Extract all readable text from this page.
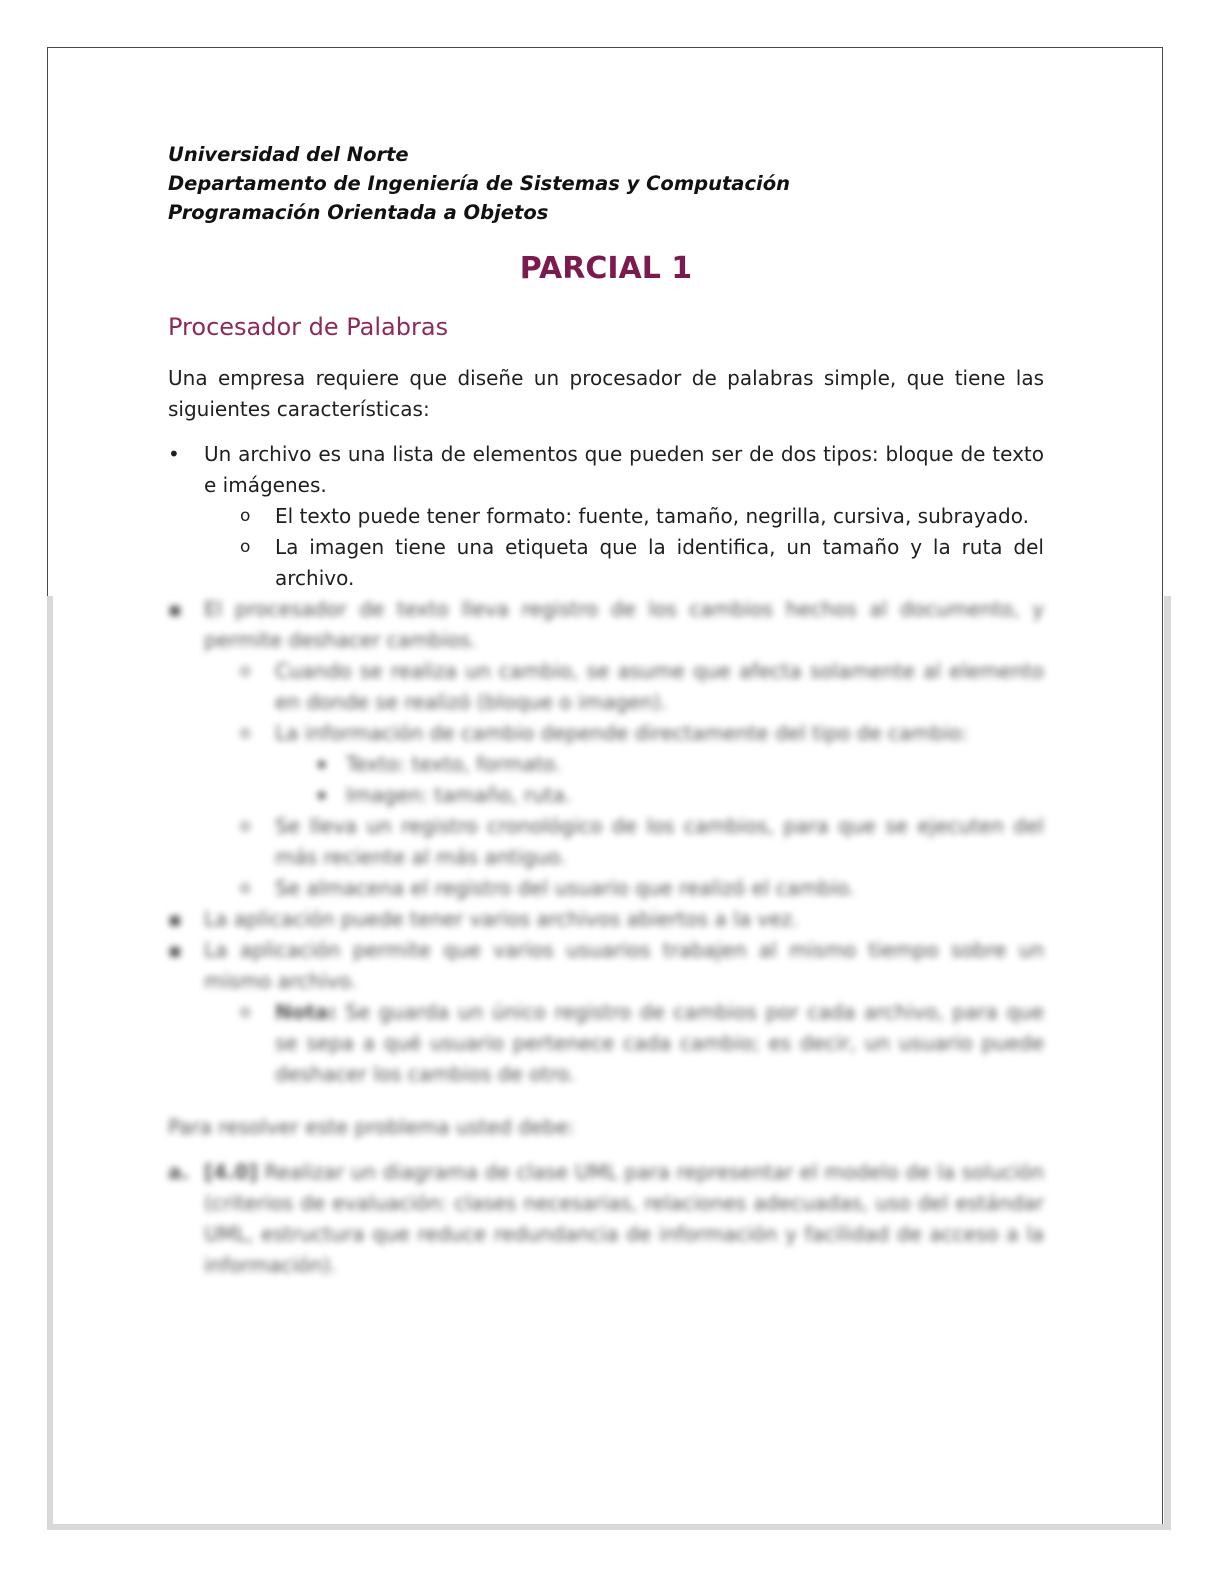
Universidad del Norte

Departamento de Ingeniería de Sistemas y Computación

Programación Orientada a Objetos

PARCIAL 1
Procesador de Palabras

Una empresa requiere que diseñe un procesador de palabras simple, que tiene las siguientes características:

• Un archivo es una lista de elementos que pueden ser de dos tipos: bloque de texto e imágenes.
o El texto puede tener formato: fuente, tamaño, negrilla, cursiva, subrayado.
o La imagen tiene una etiqueta que la identifica, un tamaño y la ruta del archivo.
▪ El procesador de texto lleva registro de los cambios hechos al documento, y permite deshacer cambios.
o Cuando se realiza un cambio, se asume que afecta solamente al elemento en donde se realizó (bloque o imagen).
o La información de cambio depende directamente del tipo de cambio:
▪ Texto: texto, formato.
▪ Imagen: tamaño, ruta.
o Se lleva un registro cronológico de los cambios, para que se ejecuten del más reciente al más antiguo.
o Se almacena el registro del usuario que realizó el cambio.
▪ La aplicación puede tener varios archivos abiertos a la vez.
▪ La aplicación permite que varios usuarios trabajen al mismo tiempo sobre un mismo archivo.
o Nota: Se guarda un único registro de cambios por cada archivo, para que se sepa a qué usuario pertenece cada cambio; es decir, un usuario puede deshacer los cambios de otro.

Para resolver este problema usted debe:

a. [4.0] Realizar un diagrama de clase UML para representar el modelo de la solución (criterios de evaluación: clases necesarias, relaciones adecuadas, uso del estándar UML, estructura que reduce redundancia de información y facilidad de acceso a la información).
